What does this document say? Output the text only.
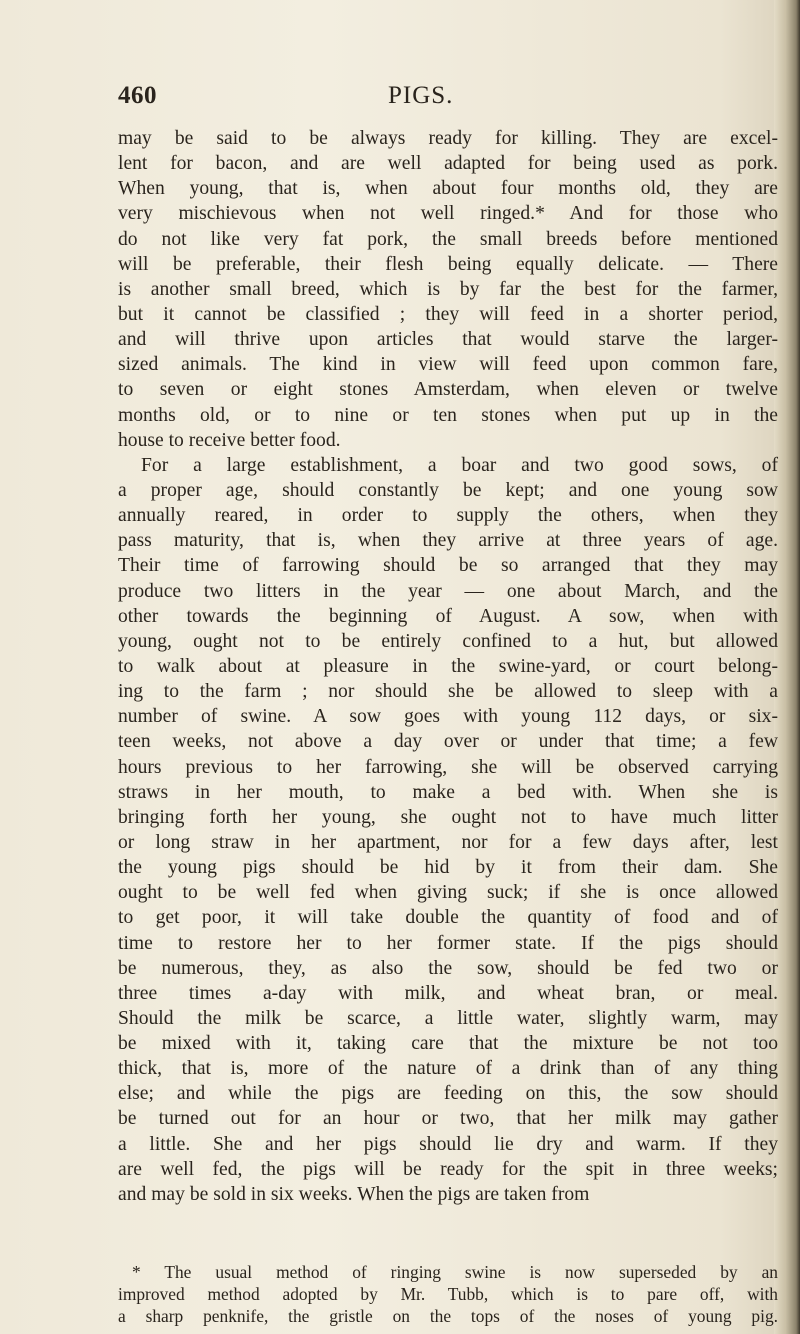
460	PIGS.
may be said to be always ready for killing. They are excel-
lent for bacon, and are well adapted for being used as pork.
When young, that is, when about four months old, they are
very mischievous when not well ringed.* And for those who
do not like very fat pork, the small breeds before mentioned
will be preferable, their flesh being equally delicate. — There
is another small breed, which is by far the best for the farmer,
but it cannot be classified ; they will feed in a shorter period,
and will thrive upon articles that would starve the larger-
sized animals. The kind in view will feed upon common fare,
to seven or eight stones Amsterdam, when eleven or twelve
months old, or to nine or ten stones when put up in the
house to receive better food.
For a large establishment, a boar and two good sows, of
a proper age, should constantly be kept; and one young sow
annually reared, in order to supply the others, when they
pass maturity, that is, when they arrive at three years of age.
Their time of farrowing should be so arranged that they may
produce two litters in the year — one about March, and the
other towards the beginning of August. A sow, when with
young, ought not to be entirely confined to a hut, but allowed
to walk about at pleasure in the swine-yard, or court belong-
ing to the farm ; nor should she be allowed to sleep with a
number of swine. A sow goes with young 112 days, or six-
teen weeks, not above a day over or under that time; a few
hours previous to her farrowing, she will be observed carrying
straws in her mouth, to make a bed with. When she is
bringing forth her young, she ought not to have much litter
or long straw in her apartment, nor for a few days after, lest
the young pigs should be hid by it from their dam. She
ought to be well fed when giving suck; if she is once allowed
to get poor, it will take double the quantity of food and of
time to restore her to her former state. If the pigs should
be numerous, they, as also the sow, should be fed two or
three times a-day with milk, and wheat bran, or meal.
Should the milk be scarce, a little water, slightly warm, may
be mixed with it, taking care that the mixture be not too
thick, that is, more of the nature of a drink than of any thing
else; and while the pigs are feeding on this, the sow should
be turned out for an hour or two, that her milk may gather
a little. She and her pigs should lie dry and warm. If they
are well fed, the pigs will be ready for the spit in three weeks;
and may be sold in six weeks. When the pigs are taken from
* The usual method of ringing swine is now superseded by an
improved method adopted by Mr. Tubb, which is to pare off, with
a sharp penknife, the gristle on the tops of the noses of young pig.
